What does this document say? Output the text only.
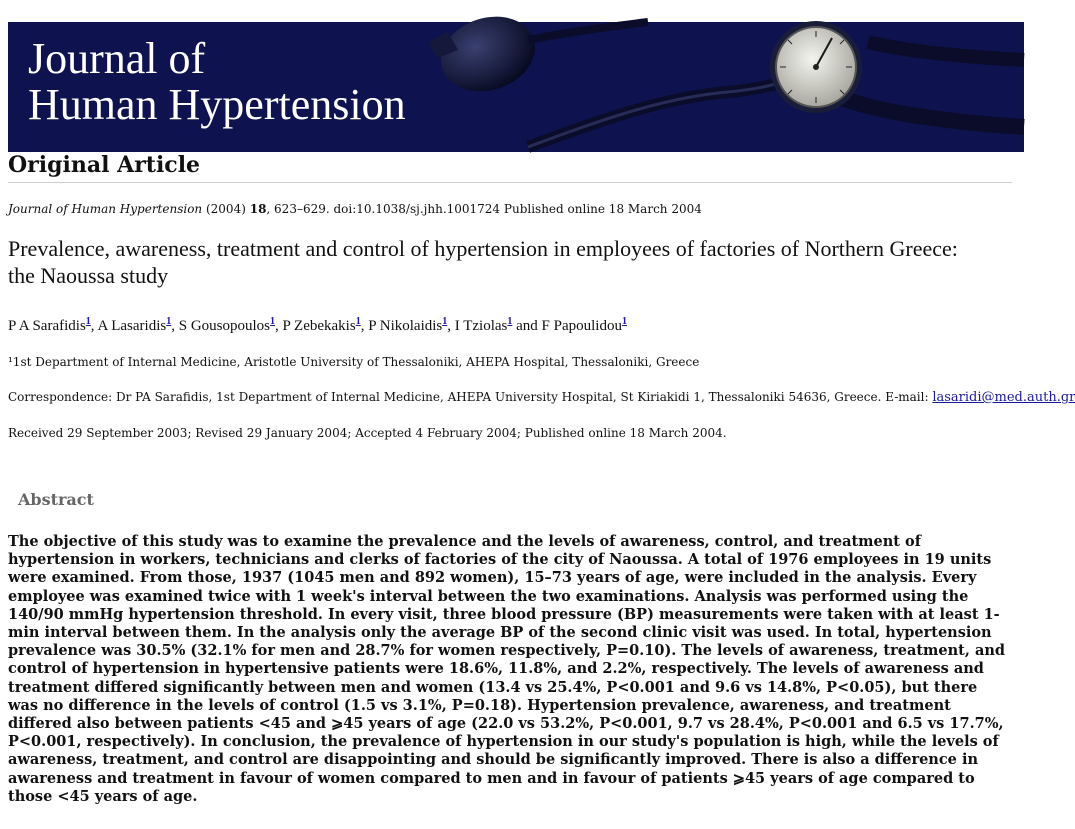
Journal of
Human Hypertension
Original Article
Journal of Human Hypertension (2004) 18, 623–629. doi:10.1038/sj.jhh.1001724 Published online 18 March 2004
Prevalence, awareness, treatment and control of hypertension in employees of factories of Northern Greece: the Naoussa study
P A Sarafidis$^1$, A Lasaridis$^1$, S Gousopoulos$^1$, P Zebekakis$^1$, P Nikolaidis$^1$, I Tziolas$^1$ and F Papoulidou$^1$
¹1st Department of Internal Medicine, Aristotle University of Thessaloniki, AHEPA Hospital, Thessaloniki, Greece
Correspondence: Dr PA Sarafidis, 1st Department of Internal Medicine, AHEPA University Hospital, St Kiriakidi 1, Thessaloniki 54636, Greece. E-mail: lasaridi@med.auth.gr
Received 29 September 2003; Revised 29 January 2004; Accepted 4 February 2004; Published online 18 March 2004.
Abstract
The objective of this study was to examine the prevalence and the levels of awareness, control, and treatment of hypertension in workers, technicians and clerks of factories of the city of Naoussa. A total of 1976 employees in 19 units were examined. From those, 1937 (1045 men and 892 women), 15–73 years of age, were included in the analysis. Every employee was examined twice with 1 week's interval between the two examinations. Analysis was performed using the 140/90 mmHg hypertension threshold. In every visit, three blood pressure (BP) measurements were taken with at least 1-min interval between them. In the analysis only the average BP of the second clinic visit was used. In total, hypertension prevalence was 30.5% (32.1% for men and 28.7% for women respectively, P=0.10). The levels of awareness, treatment, and control of hypertension in hypertensive patients were 18.6%, 11.8%, and 2.2%, respectively. The levels of awareness and treatment differed significantly between men and women (13.4 vs 25.4%, P<0.001 and 9.6 vs 14.8%, P<0.05), but there was no difference in the levels of control (1.5 vs 3.1%, P=0.18). Hypertension prevalence, awareness, and treatment differed also between patients <45 and ⩾45 years of age (22.0 vs 53.2%, P<0.001, 9.7 vs 28.4%, P<0.001 and 6.5 vs 17.7%, P<0.001, respectively). In conclusion, the prevalence of hypertension in our study's population is high, while the levels of awareness, treatment, and control are disappointing and should be significantly improved. There is also a difference in awareness and treatment in favour of women compared to men and in favour of patients ⩾45 years of age compared to those <45 years of age.
